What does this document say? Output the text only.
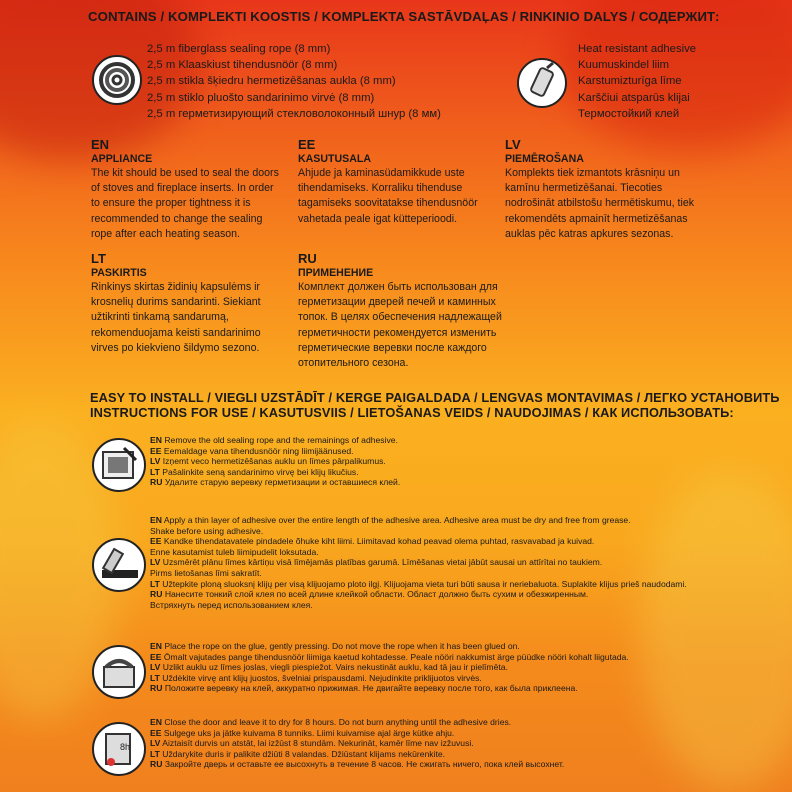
CONTAINS / KOMPLEKTI KOOSTIS / KOMPLEKTA SASTĀVDAĻAS / RINKINIO DALYS / СОДЕРЖИТ:
2,5 m fiberglass sealing rope (8 mm)
2,5 m Klaaskiust tihendusnöör (8 mm)
2,5 m stikla šķiedru hermetizēšanas aukla (8 mm)
2,5 m stiklo pluošto sandarinimo virvė (8 mm)
2,5 m герметизирующий стекловолоконный шнур (8 мм)
Heat resistant adhesive
Kuumuskindel liim
Karstumizturīga līme
Karščiui atsparūs klijai
Термостойкий клей
EN
APPLIANCE
The kit should be used to seal the doors of stoves and fireplace inserts. In order to ensure the proper tightness it is recommended to change the sealing rope after each heating season.
EE
KASUTUSALA
Ahjude ja kaminasüdamikkude uste tihendamiseks. Korraliku tihenduse tagamiseks soovitatakse tihendusnöör vahetada peale igat kütteperioodi.
LV
PIEMĒROŠANA
Komplekts tiek izmantots krāsniņu un kamīnu hermetizēšanai. Tiecoties nodrošināt atbilstošu hermētiskumu, tiek rekomendēts apmainīt hermetizēšanas auklas pēc katras apkures sezonas.
LT
PASKIRTIS
Rinkinys skirtas židinių kapsulėms ir krosnelių durims sandarinti. Siekiant užtikrinti tinkamą sandarumą, rekomenduojama keisti sandarinimo virves po kiekvieno šildymo sezono.
RU
ПРИМЕНЕНИЕ
Комплект должен быть использован для герметизации дверей печей и каминных топок. В целях обеспечения надлежащей герметичности рекомендуется изменить герметические веревки после каждого отопительного сезона.
EASY TO INSTALL / VIEGLI UZSTĀDĪT / KERGE PAIGALDADA / LENGVAS MONTAVIMAS / ЛЕГКО УСТАНОВИТЬ
INSTRUCTIONS FOR USE / KASUTUSVIIS / LIETOŠANAS VEIDS / NAUDOJIMAS / КАК ИСПОЛЬЗОВАТЬ:
8h
EN Remove the old sealing rope and the remainings of adhesive.
EE Eemaldage vana tihendusnöör ning liimijäänused.
LV Izņemt veco hermetizēšanas auklu un līmes pārpalikumus.
LT Pašalinkite seną sandarinimo virvę bei klijų likučius.
RU Удалите старую веревку герметизации и оставшиеся клей.
EN Apply a thin layer of adhesive over the entire length of the adhesive area. Adhesive area must be dry and free from grease.
Shake before using adhesive.
EE Kandke tihendatavatele pindadele õhuke kiht liimi. Liimitavad kohad peavad olema puhtad, rasvavabad ja kuivad.
Enne kasutamist tuleb liimipudelit loksutada.
LV Uzsmērēt plānu līmes kārtiņu visā līmējamās platības garumā. Līmēšanas vietai jābūt sausai un attīrītai no taukiem.
Pirms lietošanas līmi sakratīt.
LT Užtepkite ploną sluoksnį klijų per visą klijuojamo ploto ilgį. Klijuojama vieta turi būti sausa ir neriebaluota. Suplakite klijus prieš naudodami.
RU Нанесите тонкий слой клея по всей длине клейкой области. Област должно быть сухим и обезжиренным.
Встряхнуть перед использованием клея.
EN Place the rope on the glue, gently pressing. Do not move the rope when it has been glued on.
EE Ōmalt vajutades pange tihendusnöör liimiga kaetud kohtadesse. Peale nööri nakkumist ärge püüdke nööri kohalt liigutada.
LV Uzlikt auklu uz līmes joslas, viegli piespiežot. Vairs nekustināt auklu, kad tā jau ir pielīmēta.
LT Uždėkite virvę ant klijų juostos, švelniai prispausdami. Nejudinkite priklijuotos virvės.
RU Положите веревку на клей, аккуратно прижимая. Не двигайте веревку после того, как была приклеена.
EN Close the door and leave it to dry for 8 hours. Do not burn anything until the adhesive dries.
EE Sulgege uks ja jätke kuivama 8 tunniks. Liimi kuivamise ajal ärge kütke ahju.
LV Aiztaisīt durvis un atstāt, lai izžūst 8 stundām. Nekurināt, kamēr līme nav izžuvusi.
LT Uždarykite duris ir palikite džiūti 8 valandas. Džiūstant klijams nekūrenkite.
RU Закройте дверь и оставьте ее высохнуть в течение 8 часов. Не сжигать ничего, пока клей высохнет.
